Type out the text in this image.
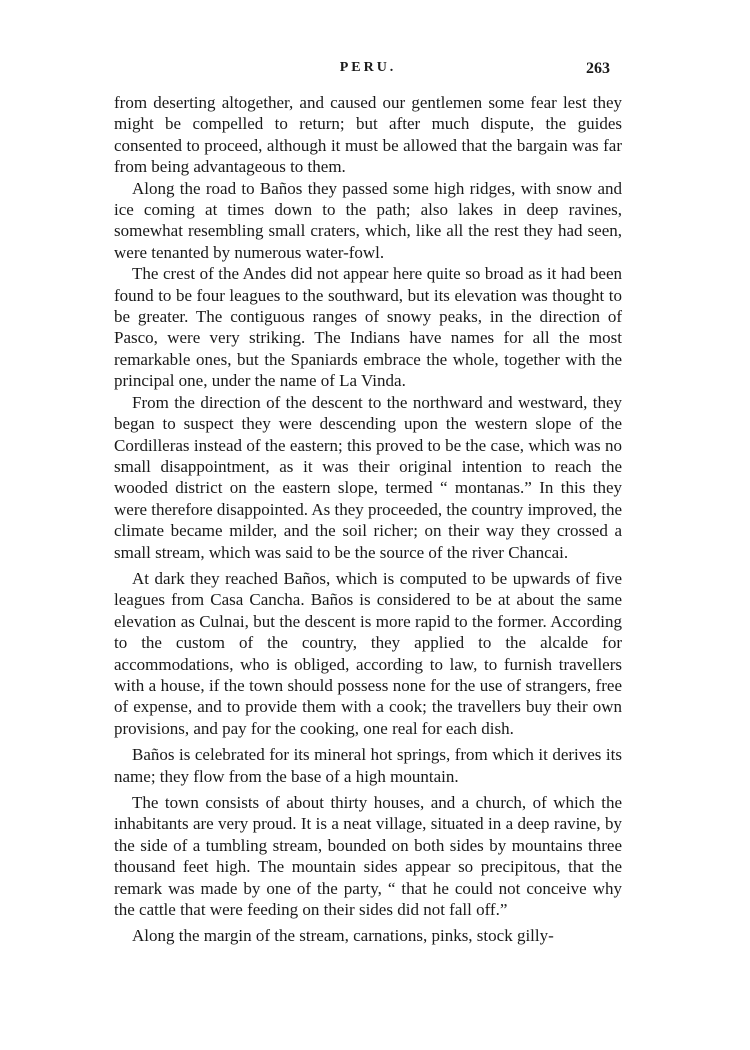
PERU.	263

from deserting altogether, and caused our gentlemen some fear lest they might be compelled to return; but after much dispute, the guides consented to proceed, although it must be allowed that the bargain was far from being advantageous to them.

Along the road to Baños they passed some high ridges, with snow and ice coming at times down to the path; also lakes in deep ravines, somewhat resembling small craters, which, like all the rest they had seen, were tenanted by numerous water-fowl.

The crest of the Andes did not appear here quite so broad as it had been found to be four leagues to the southward, but its elevation was thought to be greater. The contiguous ranges of snowy peaks, in the direction of Pasco, were very striking. The Indians have names for all the most remarkable ones, but the Spaniards embrace the whole, together with the principal one, under the name of La Vinda.

From the direction of the descent to the northward and westward, they began to suspect they were descending upon the western slope of the Cordilleras instead of the eastern; this proved to be the case, which was no small disappointment, as it was their original intention to reach the wooded district on the eastern slope, termed “ montanas.” In this they were therefore disappointed. As they proceeded, the country improved, the climate became milder, and the soil richer; on their way they crossed a small stream, which was said to be the source of the river Chancai.

At dark they reached Baños, which is computed to be upwards of five leagues from Casa Cancha. Baños is considered to be at about the same elevation as Culnai, but the descent is more rapid to the former. According to the custom of the country, they applied to the alcalde for accommodations, who is obliged, according to law, to furnish travellers with a house, if the town should possess none for the use of strangers, free of expense, and to provide them with a cook; the travellers buy their own provisions, and pay for the cooking, one real for each dish.

Baños is celebrated for its mineral hot springs, from which it derives its name; they flow from the base of a high mountain.

The town consists of about thirty houses, and a church, of which the inhabitants are very proud. It is a neat village, situated in a deep ravine, by the side of a tumbling stream, bounded on both sides by mountains three thousand feet high. The mountain sides appear so precipitous, that the remark was made by one of the party, “ that he could not conceive why the cattle that were feeding on their sides did not fall off.”

Along the margin of the stream, carnations, pinks, stock gilly-
